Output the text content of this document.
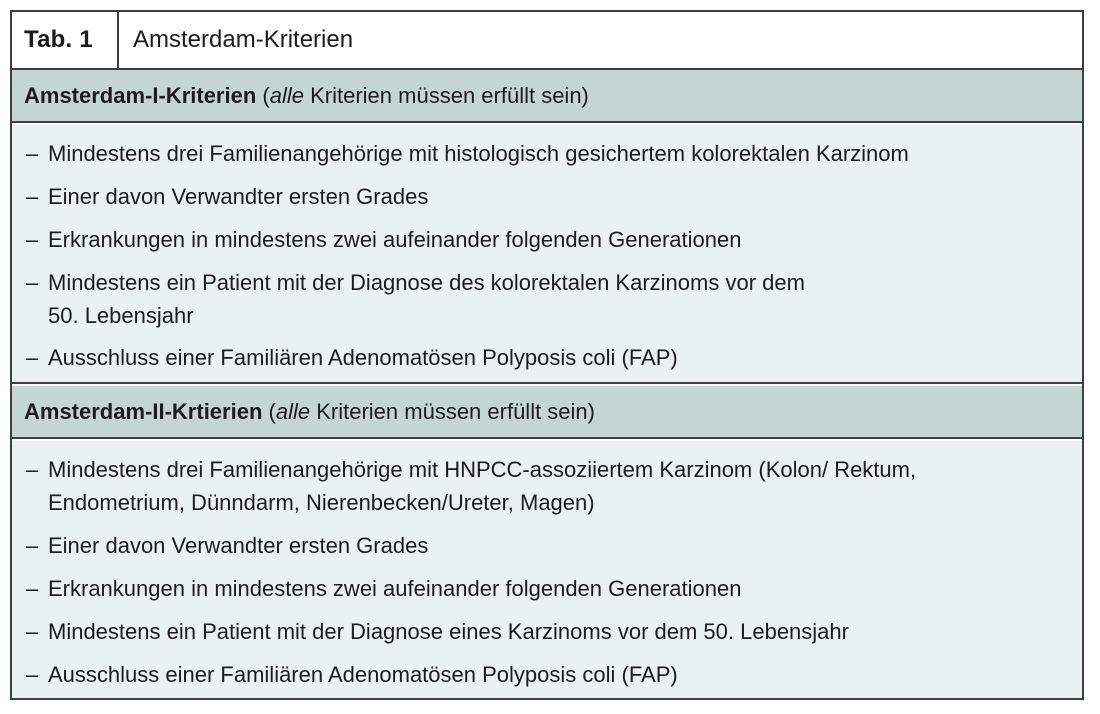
Tab. 1	Amsterdam-Kriterien
Amsterdam-I-Kriterien ( alle
Kriterien müssen erfüllt sein)
– Mindestens drei Familienangehörige mit histologisch gesichertem kolorektalen Karzinom
– Einer davon Verwandter ersten Grades
– Erkrankungen in mindestens zwei aufeinander folgenden Generationen
– Mindestens ein Patient mit der Diagnose des kolorektalen Karzinoms vor dem
50. Lebensjahr
– Ausschluss einer Familiären Adenomatösen Polyposis coli (FAP)
Amsterdam-II-Krtierien ( alle
Kriterien müssen erfüllt sein)
– Mindestens drei Familienangehörige mit HNPCC-assoziiertem Karzinom (Kolon/ Rektum,
Endometrium, Dünndarm, Nierenbecken/Ureter, Magen)
– Einer davon Verwandter ersten Grades
– Erkrankungen in mindestens zwei aufeinander folgenden Generationen
– Mindestens ein Patient mit der Diagnose eines Karzinoms vor dem 50. Lebensjahr
– Ausschluss einer Familiären Adenomatösen Polyposis coli (FAP)
